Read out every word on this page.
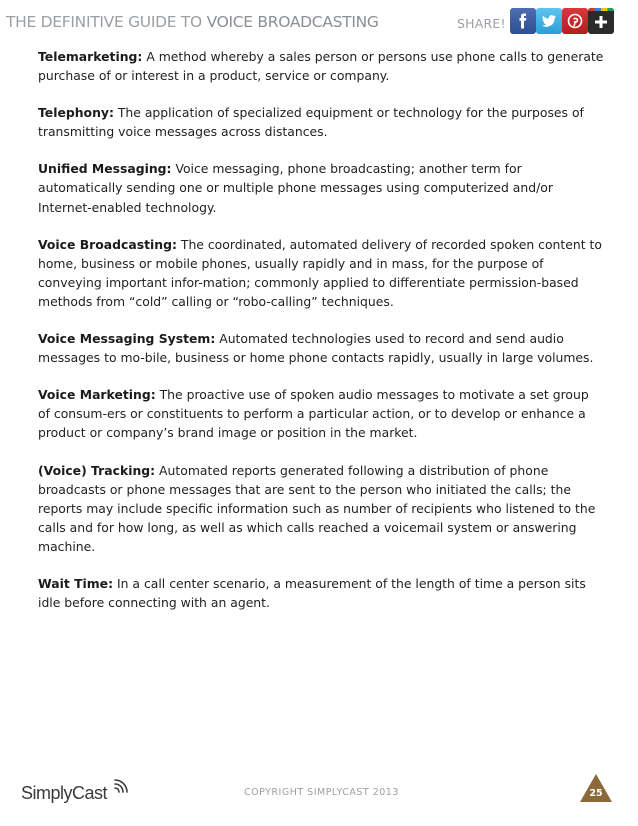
THE DEFINITIVE GUIDE TO VOICE BROADCASTING	SHARE!

Telemarketing: A method whereby a sales person or persons use phone calls to generate purchase of or interest in a product, service or company.

Telephony: The application of specialized equipment or technology for the purposes of transmitting voice messages across distances.

Unified Messaging: Voice messaging, phone broadcasting; another term for automatically sending one or multiple phone messages using computerized and/or Internet-enabled technology.

Voice Broadcasting: The coordinated, automated delivery of recorded spoken content to home, business or mobile phones, usually rapidly and in mass, for the purpose of conveying important infor-mation; commonly applied to differentiate permission-based methods from “cold” calling or “robo-calling” techniques.

Voice Messaging System: Automated technologies used to record and send audio messages to mo-bile, business or home phone contacts rapidly, usually in large volumes.

Voice Marketing: The proactive use of spoken audio messages to motivate a set group of consum-ers or constituents to perform a particular action, or to develop or enhance a product or company’s brand image or position in the market.

(Voice) Tracking: Automated reports generated following a distribution of phone broadcasts or phone messages that are sent to the person who initiated the calls; the reports may include specific information such as number of recipients who listened to the calls and for how long, as well as which calls reached a voicemail system or answering machine.

Wait Time: In a call center scenario, a measurement of the length of time a person sits idle before connecting with an agent.

SimplyCast	COPYRIGHT SIMPLYCAST 2013	25
